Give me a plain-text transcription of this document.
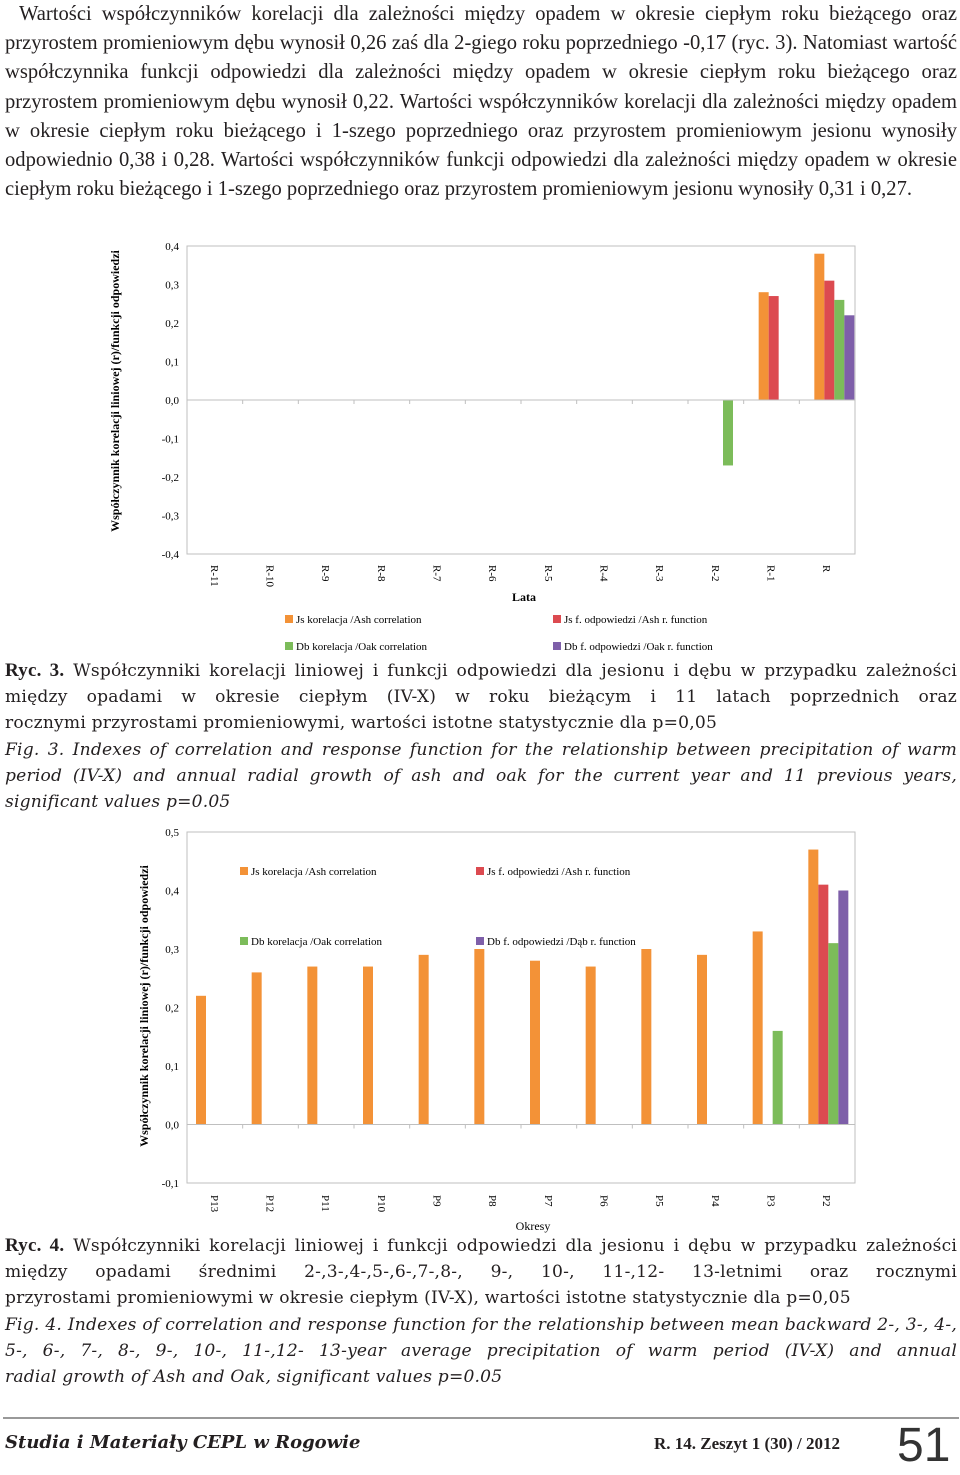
Wartości współczynników korelacji dla zależności między opadem w okresie ciepłym roku bieżącego oraz przyrostem promieniowym dębu wynosił 0,26 zaś dla 2-giego roku poprzedniego -0,17 (ryc. 3). Natomiast wartość współczynnika funkcji odpowiedzi dla zależności między opadem w okresie ciepłym roku bieżącego oraz przyrostem promieniowym dębu wynosił 0,22. Wartości współczynników korelacji dla zależności między opadem w okresie ciepłym roku bieżącego i 1-szego poprzedniego oraz przyrostem promieniowym jesionu wynosiły odpowiednio 0,38 i 0,28. Wartości współczynników funkcji odpowiedzi dla zależności między opadem w okresie ciepłym roku bieżącego i 1-szego poprzedniego oraz przyrostem promieniowym jesionu wynosiły 0,31 i 0,27.

0,4
0,3
0,2
0,1
0,0
-0,1
-0,2
-0,3
-0,4
R-11	R-10	R-9	R-8	R-7	R-6	R-5	R-4	R-3	R-2	R-1	R
Współczynnik korelacji liniowej (r)/funkcji odpowiedzi
Lata
Js korelacja /Ash correlation	Js f. odpowiedzi /Ash r. function
Db korelacja /Oak correlation	Db f. odpowiedzi /Oak r. function

Ryc. 3. Współczynniki korelacji liniowej i funkcji odpowiedzi dla jesionu i dębu w przypadku zależności między opadami w okresie ciepłym (IV-X) w roku bieżącym i 11 latach poprzednich oraz
rocznymi przyrostami promieniowymi, wartości istotne statystycznie dla p=0,05

Fig. 3. Indexes of correlation and response function for the relationship between precipitation of warm period (IV-X) and annual radial growth of ash and oak for the current year and 11 previous years,
significant values p=0.05

0,5
0,4
0,3
0,2
0,1
0,0
-0,1
P13	P12	P11	P10	P9	P8	P7	P6	P5	P4	P3	P2
Współczynnik korelacji liniowej (r)/funkcji odpowiedzi
Okresy
Js korelacja /Ash correlation	Js f. odpowiedzi /Ash r. function
Db korelacja /Oak correlation	Db f. odpowiedzi /Dąb r. function

Ryc. 4. Współczynniki korelacji liniowej i funkcji odpowiedzi dla jesionu i dębu w przypadku zależności między opadami średnimi 2-,3-,4-,5-,6-,7-,8-, 9-, 10-, 11-,12- 13-letnimi oraz rocznymi
przyrostami promieniowymi w okresie ciepłym (IV-X), wartości istotne statystycznie dla p=0,05

Fig. 4. Indexes of correlation and response function for the relationship between mean backward 2-, 3-, 4-, 5-, 6-, 7-, 8-, 9-, 10-, 11-,12- 13-year average precipitation of warm period (IV-X) and annual
radial growth of Ash and Oak, significant values p=0.05

Studia i Materiały CEPL w Rogowie	R. 14. Zeszyt 1 (30) / 2012 51
